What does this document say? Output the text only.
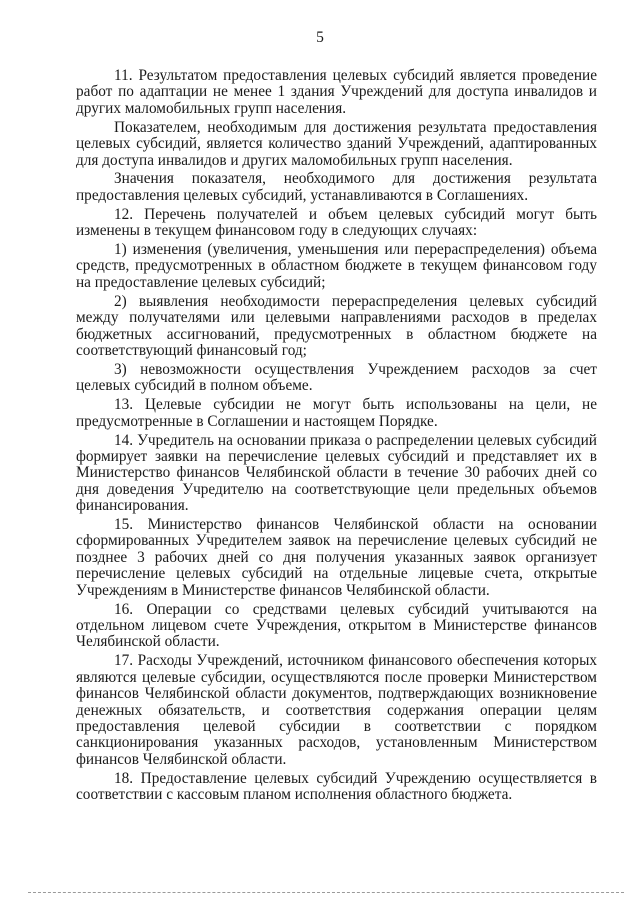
5

11. Результатом предоставления целевых субсидий является проведение работ по адаптации не менее 1 здания Учреждений для доступа инвалидов и других маломобильных групп населения.

Показателем, необходимым для достижения результата предоставления целевых субсидий, является количество зданий Учреждений, адаптированных для доступа инвалидов и других маломобильных групп населения.

Значения показателя, необходимого для достижения результата предоставления целевых субсидий, устанавливаются в Соглашениях.

12. Перечень получателей и объем целевых субсидий могут быть изменены в текущем финансовом году в следующих случаях:

1) изменения (увеличения, уменьшения или перераспределения) объема средств, предусмотренных в областном бюджете в текущем финансовом году на предоставление целевых субсидий;

2) выявления необходимости перераспределения целевых субсидий между получателями или целевыми направлениями расходов в пределах бюджетных ассигнований, предусмотренных в областном бюджете на соответствующий финансовый год;

3) невозможности осуществления Учреждением расходов за счет целевых субсидий в полном объеме.

13. Целевые субсидии не могут быть использованы на цели, не предусмотренные в Соглашении и настоящем Порядке.

14. Учредитель на основании приказа о распределении целевых субсидий формирует заявки на перечисление целевых субсидий и представляет их в Министерство финансов Челябинской области в течение 30 рабочих дней со дня доведения Учредителю на соответствующие цели предельных объемов финансирования.

15. Министерство финансов Челябинской области на основании сформированных Учредителем заявок на перечисление целевых субсидий не позднее 3 рабочих дней со дня получения указанных заявок организует перечисление целевых субсидий на отдельные лицевые счета, открытые Учреждениям в Министерстве финансов Челябинской области.

16. Операции со средствами целевых субсидий учитываются на отдельном лицевом счете Учреждения, открытом в Министерстве финансов Челябинской области.

17. Расходы Учреждений, источником финансового обеспечения которых являются целевые субсидии, осуществляются после проверки Министерством финансов Челябинской области документов, подтверждающих возникновение денежных обязательств, и соответствия содержания операции целям предоставления целевой субсидии в соответствии с порядком санкционирования указанных расходов, установленным Министерством финансов Челябинской области.

18. Предоставление целевых субсидий Учреждению осуществляется в соответствии с кассовым планом исполнения областного бюджета.
